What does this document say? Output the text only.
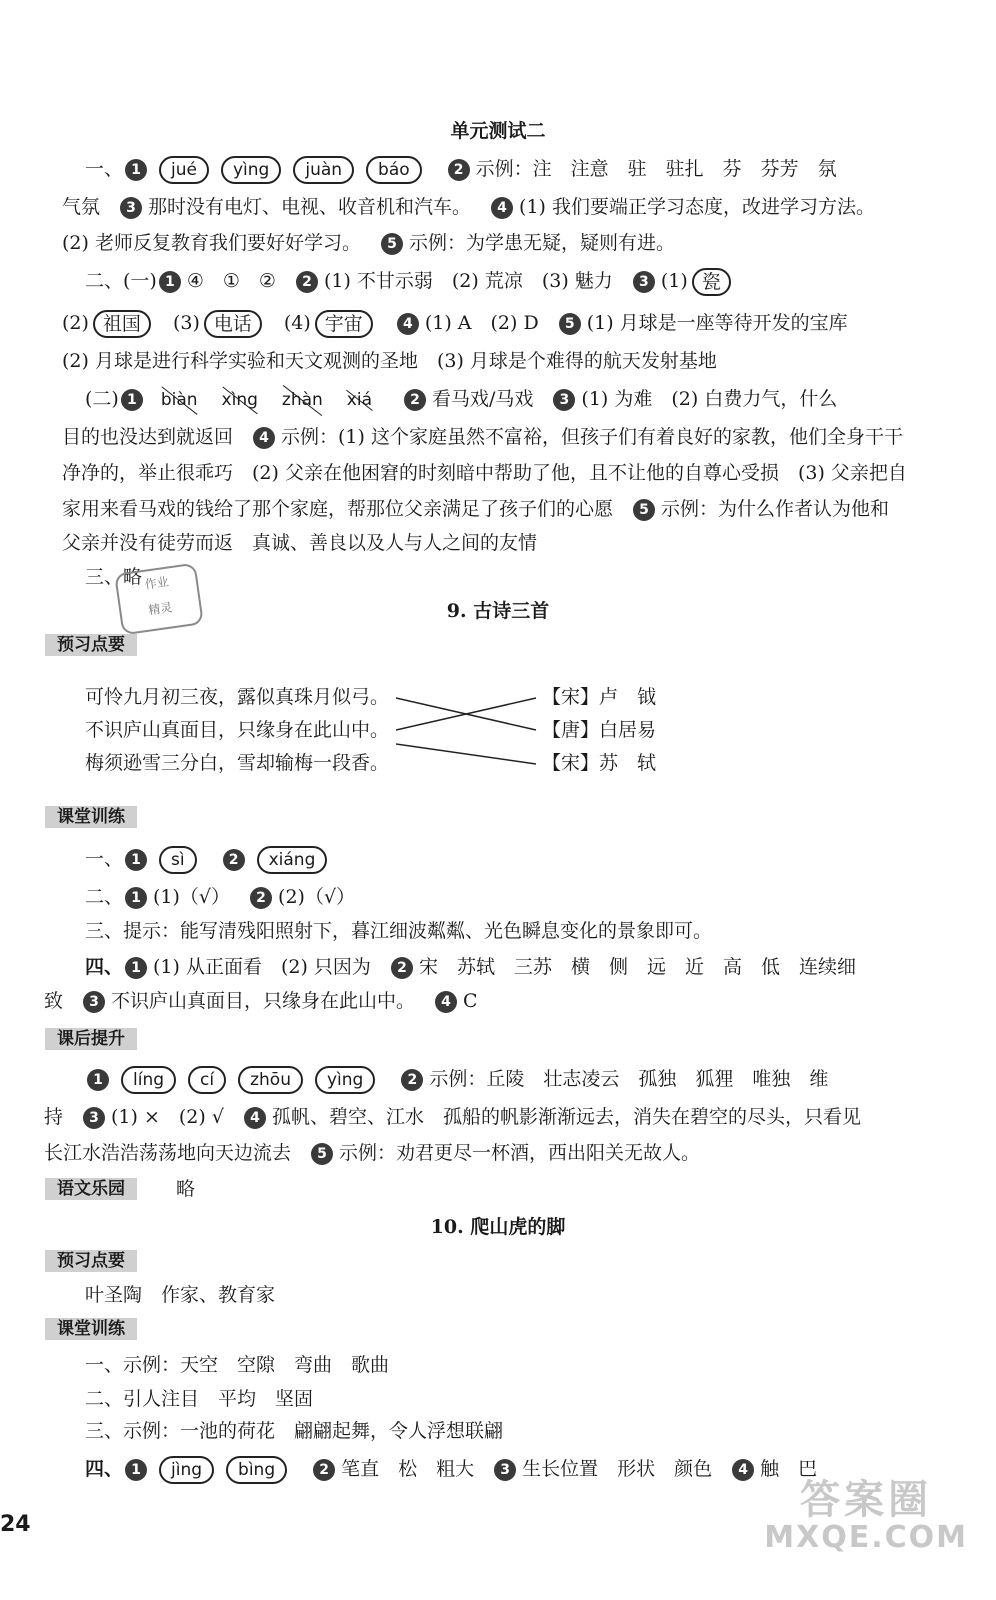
单元测试二
一、 1 jué yìng juàn báo	2 示例：注　注意　驻　驻扎　芬　芬芳　氛
气氛 3 那时没有电灯、电视、收音机和汽车。 4 (1) 我们要端正学习态度，改进学习方法。
(2) 老师反复教育我们要好好学习。 5 示例：为学患无疑，疑则有进。
二、(一) 1 ④　①　② 2 (1) 不甘示弱　(2) 荒凉　(3) 魅力 3 (1) 瓷
(2) 祖国 (3) 电话 (4) 宇宙	4 (1) A　(2) D 5 (1) 月球是一座等待开发的宝库
(2) 月球是进行科学实验和天文观测的圣地　(3) 月球是个难得的航天发射基地
(二) 1 biàn xìng zhàn xiá	2 看马戏/马戏 3 (1) 为难　(2) 白费力气，什么
目的也没达到就返回 4 示例：(1) 这个家庭虽然不富裕，但孩子们有着良好的家教，他们全身干干
净净的，举止很乖巧　(2) 父亲在他困窘的时刻暗中帮助了他，且不让他的自尊心受损　(3) 父亲把自
家用来看马戏的钱给了那个家庭，帮那位父亲满足了孩子们的心愿 5 示例：为什么作者认为他和
父亲并没有徒劳而返　真诚、善良以及人与人之间的友情
三、略 作业
精灵	9. 古诗三首
预习点要
可怜九月初三夜，露似真珠月似弓。
不识庐山真面目，只缘身在此山中。
梅须逊雪三分白，雪却输梅一段香。
【宋】卢　钺
【唐】白居易
【宋】苏　轼
课堂训练
一、 1 sì	2 xiáng
二、 1 (1)（√） 2 (2)（√）
三、提示：能写清残阳照射下，暮江细波粼粼、光色瞬息变化的景象即可。
四、 1 (1) 从正面看　(2) 只因为 2 宋　苏轼　三苏　横　侧　远　近　高　低　连续细
致 3 不识庐山真面目，只缘身在此山中。 4 C
课后提升
1 líng cí zhōu yìng	2 示例：丘陵　壮志凌云　孤独　狐狸　唯独　维
持 3 (1) ×　(2) √ 4 孤帆、碧空、江水　孤船的帆影渐渐远去，消失在碧空的尽头，只看见
长江水浩浩荡荡地向天边流去 5 示例：劝君更尽一杯酒，西出阳关无故人。
语文乐园	略
10. 爬山虎的脚
预习点要
叶圣陶　作家、教育家
课堂训练
一、示例：天空　空隙　弯曲　歌曲
二、引人注目　平均　坚固
三、示例：一池的荷花　翩翩起舞，令人浮想联翩
四、 1 jìng bìng	2 笔直　松　粗大 3 生长位置　形状　颜色 4 触　巴
24
答案圈
MXQE.COM
